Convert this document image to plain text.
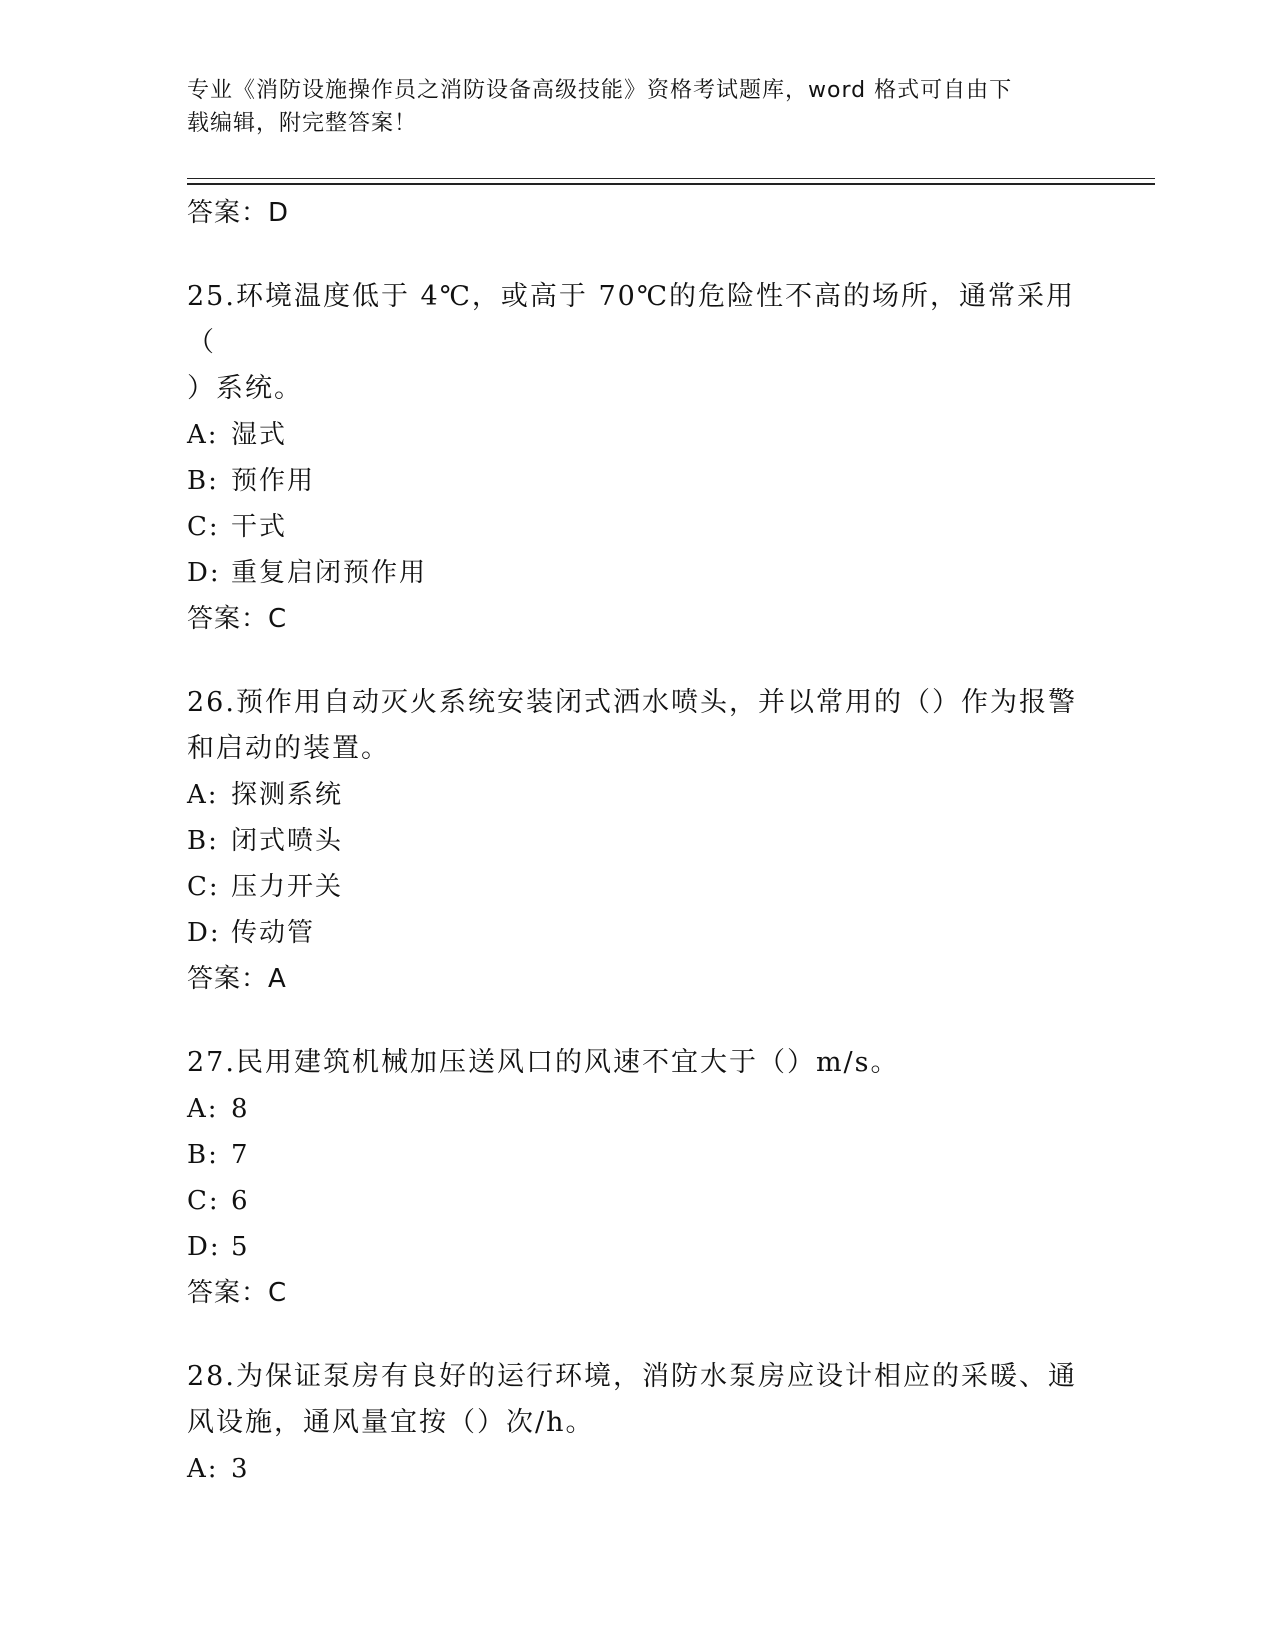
专业《消防设施操作员之消防设备高级技能》资格考试题库，word 格式可自由下
载编辑，附完整答案！
答案：D
25.环境温度低于 4℃，或高于 70℃的危险性不高的场所，通常采用（
）系统。
A: 湿式
B: 预作用
C: 干式
D: 重复启闭预作用
答案：C
26.预作用自动灭火系统安装闭式洒水喷头，并以常用的（）作为报警
和启动的装置。
A: 探测系统
B: 闭式喷头
C: 压力开关
D: 传动管
答案：A
27.民用建筑机械加压送风口的风速不宜大于（）m/s。
A: 8
B: 7
C: 6
D: 5
答案：C
28.为保证泵房有良好的运行环境，消防水泵房应设计相应的采暖、通
风设施，通风量宜按（）次/h。
A: 3
